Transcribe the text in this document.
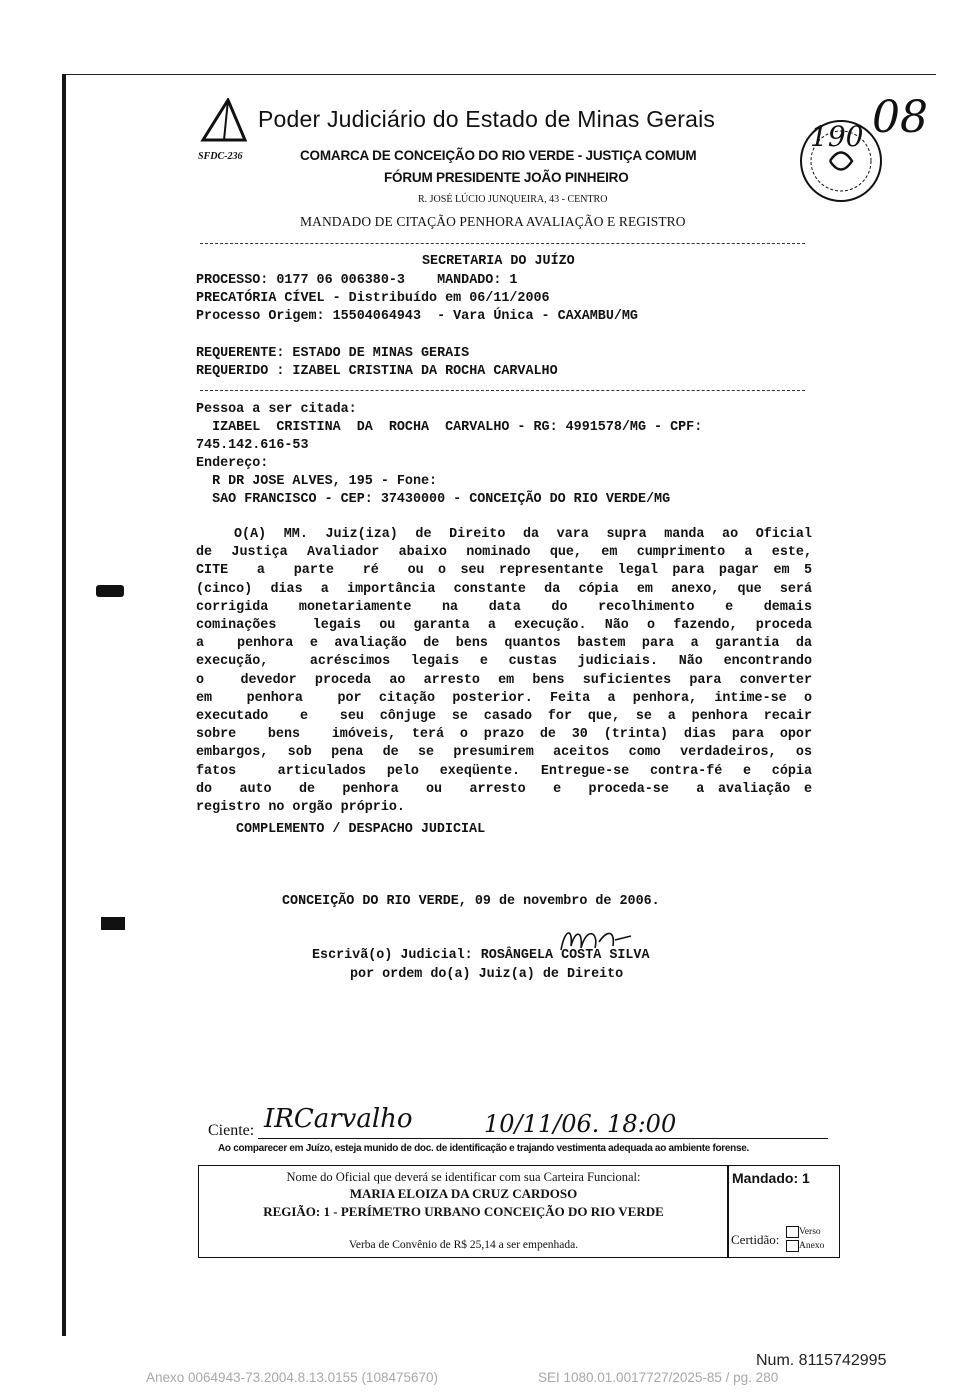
SFDC-236
Poder Judiciário do Estado de Minas Gerais
COMARCA DE CONCEIÇÃO DO RIO VERDE - JUSTIÇA COMUM
FÓRUM PRESIDENTE JOÃO PINHEIRO
R. JOSÉ LÚCIO JUNQUEIRA, 43 - CENTRO
MANDADO DE CITAÇÃO PENHORA AVALIAÇÃO E REGISTRO
190 08
SECRETARIA DO JUÍZO
PROCESSO: 0177 06 006380-3    MANDADO: 1
PRECATÓRIA CÍVEL - Distribuído em 06/11/2006
Processo Origem: 15504064943  - Vara Única - CAXAMBU/MG
REQUERENTE: ESTADO DE MINAS GERAIS
REQUERIDO : IZABEL CRISTINA DA ROCHA CARVALHO
Pessoa a ser citada:
IZABEL  CRISTINA  DA  ROCHA  CARVALHO - RG: 4991578/MG - CPF:
745.142.616-53
Endereço:
R DR JOSE ALVES, 195 - Fone:
SAO FRANCISCO - CEP: 37430000 - CONCEIÇÃO DO RIO VERDE/MG

O(A) MM. Juiz(iza) de Direito da vara supra manda ao Oficial

de Justiça Avaliador abaixo nominado que, em cumprimento a este,

CITE  a  parte  ré  ou o seu representante legal para pagar em 5

(cinco) dias a importância constante da cópia em anexo, que será

corrigida  monetariamente  na  data  do  recolhimento  e  demais

cominações  legais ou garanta a execução. Não o fazendo, proceda

a  penhora e avaliação de bens quantos bastem para a garantia da

execução,  acréscimos legais e custas judiciais. Não encontrando

o  devedor proceda ao arresto em bens suficientes para converter

em  penhora  por citação posterior. Feita a penhora, intime-se o

executado  e  seu cônjuge se casado for que, se a penhora recair

sobre  bens  imóveis, terá o prazo de 30 (trinta) dias para opor

embargos, sob pena de se presumirem aceitos como verdadeiros, os

fatos  articulados pelo exeqüente. Entregue-se contra-fé e cópia

do  auto  de  penhora  ou  arresto  e  proceda-se  a avaliação e

registro no orgão próprio.

COMPLEMENTO / DESPACHO JUDICIAL
CONCEIÇÃO DO RIO VERDE, 09 de novembro de 2006.
Escrivã(o) Judicial: ROSÂNGELA COSTA SILVA
por ordem do(a) Juiz(a) de Direito
Ciente: IRCarvalho	10/11/06. 18:00
Ao comparecer em Juízo, esteja munido de doc. de identificação e trajando vestimenta adequada ao ambiente forense.
Nome do Oficial que deverá se identificar com sua Carteira Funcional:
MARIA ELOIZA DA CRUZ CARDOSO
REGIÃO: 1 - PERÍMETRO URBANO CONCEIÇÃO DO RIO VERDE
Verba de Convênio de R$ 25,14 a ser empenhada.
Mandado: 1
Certidão:	Verso
Anexo
Num. 8115742995
Anexo 0064943-73.2004.8.13.0155 (108475670)	SEI 1080.01.0017727/2025-85 / pg. 280
